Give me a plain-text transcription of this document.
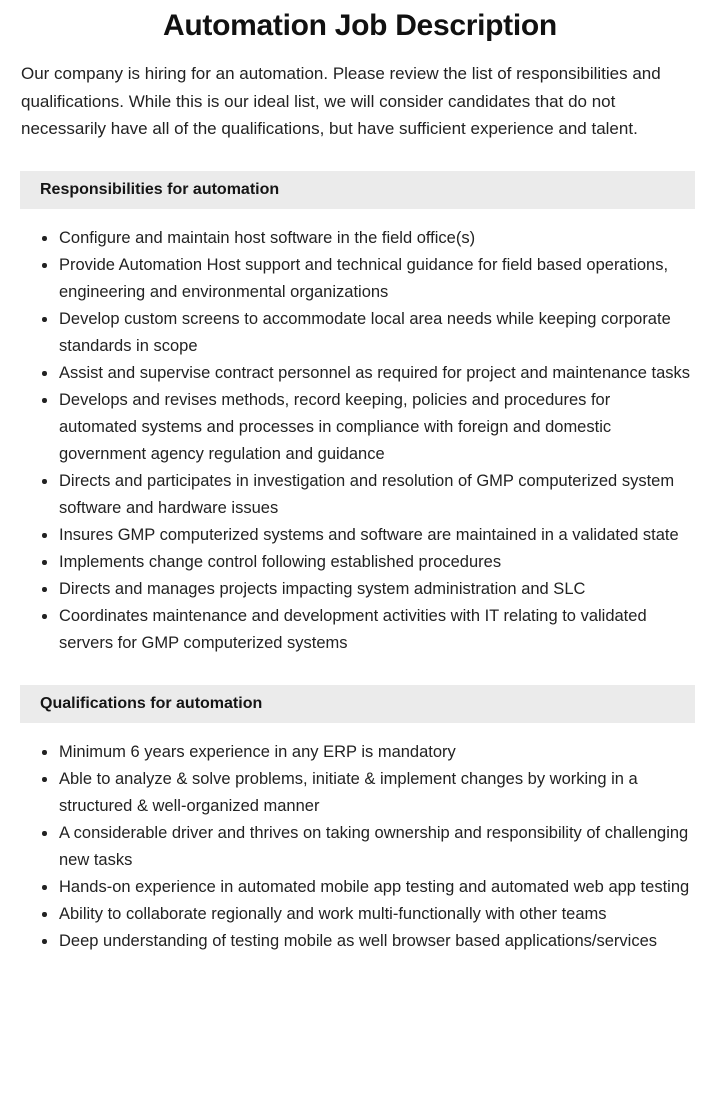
Automation Job Description

Our company is hiring for an automation. Please review the list of responsibilities and qualifications. While this is our ideal list, we will consider candidates that do not necessarily have all of the qualifications, but have sufficient experience and talent.

Responsibilities for automation
Configure and maintain host software in the field office(s)
Provide Automation Host support and technical guidance for field based operations, engineering and environmental organizations
Develop custom screens to accommodate local area needs while keeping corporate standards in scope
Assist and supervise contract personnel as required for project and maintenance tasks
Develops and revises methods, record keeping, policies and procedures for automated systems and processes in compliance with foreign and domestic government agency regulation and guidance
Directs and participates in investigation and resolution of GMP computerized system software and hardware issues
Insures GMP computerized systems and software are maintained in a validated state
Implements change control following established procedures
Directs and manages projects impacting system administration and SLC
Coordinates maintenance and development activities with IT relating to validated servers for GMP computerized systems
Qualifications for automation
Minimum 6 years experience in any ERP is mandatory
Able to analyze & solve problems, initiate & implement changes by working in a structured & well-organized manner
A considerable driver and thrives on taking ownership and responsibility of challenging new tasks
Hands-on experience in automated mobile app testing and automated web app testing
Ability to collaborate regionally and work multi-functionally with other teams
Deep understanding of testing mobile as well browser based applications/services
